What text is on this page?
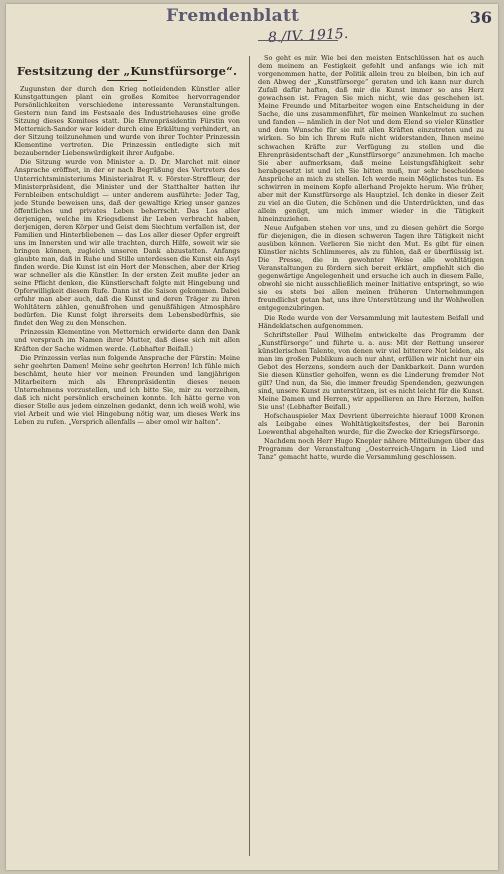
Fremdenblatt
8./IV. 1915.
36
Festsitzung der „Kunstfürsorge“.

Zugunsten der durch den Krieg notleidenden Künstler aller Kunstgattungen plant ein großes Komitee hervorragender Persönlichkeiten verschiedene interessante Veranstaltungen. Gestern nun fand im Festsaale des Industriehauses eine große Sitzung dieses Komitees statt. Die Ehrenpräsidentin Fürstin von Metternich-Sandor war leider durch eine Erkältung verhindert, an der Sitzung teilzunehmen und wurde von ihrer Tochter Prinzessin Klementine vertreten. Die Prinzessin entledigte sich mit bezaubernder Liebenswürdigkeit ihrer Aufgabe.

Die Sitzung wurde von Minister a. D. Dr. Marchet mit einer Ansprache eröffnet, in der er nach Begrüßung des Vertreters des Unterrichtsministeriums Ministerialrat R. v. Förster-Streffleur, der Ministerpräsident, die Minister und der Statthalter hatten ihr Fernbleiben entschuldigt — unter anderem ausführte: Jeder Tag, jede Stunde beweisen uns, daß der gewaltige Krieg unser ganzes öffentliches und privates Leben beherrscht. Das Los aller derjenigen, welche im Kriegsdienst ihr Leben verbracht haben, derjenigen, deren Körper und Geist dem Siechtum verfallen ist, der Familien und Hinterbliebenen — das Los aller dieser Opfer ergreift uns im Innersten und wir alle trachten, durch Hilfe, soweit wir sie bringen können, zugleich unseren Dank abzustatten. Anfangs glaubte man, daß in Ruhe und Stille unterdessen die Kunst ein Asyl finden werde. Die Kunst ist ein Hort der Menschen, aber der Krieg war schneller als die Künstler. In der ersten Zeit mußte jeder an seine Pflicht denken, die Künstlerschaft folgte mit Hingebung und Opferwilligkeit diesem Rufe. Dann ist die Saison gekommen. Dabei erfuhr man aber auch, daß die Kunst und deren Träger zu ihren Wohltätern zählen, genußfrohen und genußfähigen Atmosphäre bedürfen. Die Kunst folgt ihrerseits dem Lebensbedürfnis, sie findet den Weg zu den Menschen.

Prinzessin Klementine von Metternich erwiderte dann den Dank und versprach im Namen ihrer Mutter, daß diese sich mit allen Kräften der Sache widmen werde. (Lebhafter Beifall.)

Die Prinzessin verlas nun folgende Ansprache der Fürstin: Meine sehr geehrten Damen! Meine sehr geehrten Herren! Ich fühle mich beschämt, heute hier vor meinen Freunden und langjährigen Mitarbeitern mich als Ehrenpräsidentin dieses neuen Unternehmens vorzustellen, und ich bitte Sie, mir zu verzeihen, daß ich nicht persönlich erscheinen konnte. Ich hätte gerne von dieser Stelle aus jedem einzelnen gedankt, denn ich weiß wohl, wie viel Arbeit und wie viel Hingebung nötig war, um dieses Werk ins Leben zu rufen. „Versprich allenfalls — aber omol wir halten“.

So geht es mir. Wie bei den meisten Entschlüssen hat es auch dem meinem an Festigkeit gefehlt und anfangs wie ich mit vorgenommen hatte, der Politik allein treu zu bleiben, bin ich auf den Abweg der „Kunstfürsorge“ geraten und ich kann nur durch Zufall dafür haften, daß mir die Kunst immer so ans Herz gewachsen ist. Fragen Sie mich nicht, wie das geschehen ist. Meine Freunde und Mitarbeiter wogen eine Entscheidung in der Sache, die uns zusammenführt, für meinen Wankelmut zu suchen und fanden — nämlich in der Not und dem Elend so vieler Künstler und dem Wunsche für sie mit allen Kräften einzutreten und zu wirken. So bin ich Ihrem Rufe nicht widerstanden, Ihnen meine schwachen Kräfte zur Verfügung zu stellen und die Ehrenpräsidentschaft der „Kunstfürsorge“ anzunehmen. Ich mache Sie aber aufmerksam, daß meine Leistungsfähigkeit sehr herabgesetzt ist und ich Sie bitten muß, nur sehr bescheidene Ansprüche an mich zu stellen. Ich werde mein Möglichstes tun. Es schwirren in meinem Kopfe allerhand Projekte herum. Wie früher, aber mit der Kunstfürsorge als Hauptziel. Ich denke in dieser Zeit zu viel an die Guten, die Schönen und die Unterdrückten, und das allein genügt, um mich immer wieder in die Tätigkeit hineinzuziehen.

Neue Aufgaben stehen vor uns, und zu diesen gehört die Sorge für diejenigen, die in diesen schweren Tagen ihre Tätigkeit nicht ausüben können. Verlieren Sie nicht den Mut. Es gibt für einen Künstler nichts Schlimmeres, als zu fühlen, daß er überflüssig ist. Die Presse, die in gewohnter Weise alle wohltätigen Veranstaltungen zu fördern sich bereit erklärt, empfiehlt sich die gegenwärtige Angelegenheit und ersuche ich auch in diesem Falle, obwohl sie nicht ausschließlich meiner Initiative entspringt, so wie sie es stets bei allen meinen früheren Unternehmungen freundlichst getan hat, uns ihre Unterstützung und ihr Wohlwollen entgegenzubringen.

Die Rede wurde von der Versammlung mit lautestem Beifall und Händeklatschen aufgenommen.

Schriftsteller Paul Wilhelm entwickelte das Programm der „Kunstfürsorge“ und führte u. a. aus: Mit der Rettung unserer künstlerischen Talente, von denen wir viel bitterere Not leiden, als man im großen Publikum auch nur ahnt, erfüllen wir nicht nur ein Gebot des Herzens, sondern auch der Dankbarkeit. Dann wurden Sie diesen Künstler geholfen, wenn es die Linderung fremder Not gilt? Und nun, da Sie, die immer freudig Spendenden, gezwungen sind, unsere Kunst zu unterstützen, ist es nicht leicht für die Kunst. Meine Damen und Herren, wir appellieren an Ihre Herzen, helfen Sie uns! (Lebhafter Beifall.)

Hofschauspieler Max Devrient überreichte hierauf 1000 Kronen als Leibgabe eines Wohltätigkeitsfestes, der bei Baronin Loewenthal abgehalten wurde, für die Zwecke der Kriegsfürsorge.

Nachdem noch Herr Hugo Knepler nähere Mitteilungen über das Programm der Veranstaltung „Oesterreich-Ungarn in Lied und Tanz“ gemacht hatte, wurde die Versammlung geschlossen.
